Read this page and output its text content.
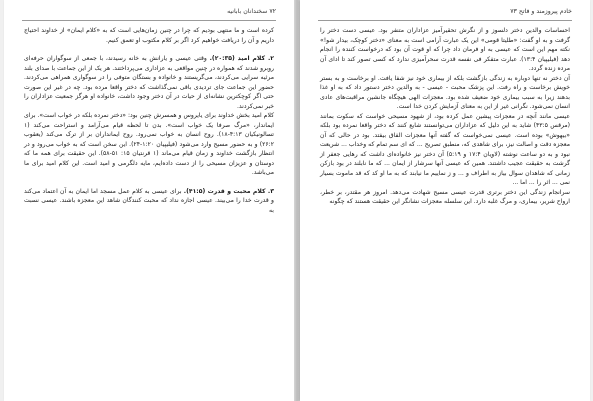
۷۲ سخندانان بابانیه

کرده است و ما منتهی بودیم که چرا در چنین زمان‌هایی است که به «کلام ایمان» از خداوند احتیاج داریم و آن را دریافت خواهیم کرد اگر بر کلام مکتوب او تعمق کنیم.

۲. کلام امید (۲۰:۳۵). وقتی عیسی و یارانش به خانه رسیدند، با جمعی از سوگواران حرفه‌ای روبرو شدند که همواره در چنین مواقعی به عزاداری می‌پرداختند. هر یک از این جماعت با صدای بلند مرثیه سرایی می‌کردند، می‌گریستند و خانواده و بستگان متوفی را در سوگواری همراهی می‌کردند. حضور این جماعت جای تردیدی باقی نمی‌گذاشت که دختر واقعا مرده بود. چه در غیر این صورت حتی اگر کوچکترین نشانه‌ای از حیات در آن دختر وجود داشت، خانواده او هرگز جمعیت عزاداران را خبر نمی‌کردند.

کلام امید بخش خداوند برای یایروس و همسرش چنین بود: «دختر نمرده بلکه در خواب است». برای ایماندار، «مرگ صرفا یک خواب است». بدن تا لحظه قیام می‌آرامد و استراحت می‌کند (۱ تسالونیکیان ۴:۱۳-۱۸). روح انسان به خواب نمی‌رود. روح ایمانداران بر از ترک می‌کند (یعقوب ۲۶:۲) و به حضور مسیح وارد می‌شود (فیلیپیان ۱:۲۰-۲۴). این سخن است که به خواب می‌رود و در انتظار بازگشت خداوند و زمان قیام می‌ماند (۱ قرنتیان ۱۵: ۵۱-۵۸). این حقیقت برای همه ما که دوستان و عزیزان مسیحی را از دست داده‌ایم، مایه دلگرمی و امید است. این کلام امید برای ما می‌باشد.

۳. کلام محبت و قدرت (۴۱:۵). برای عیسی به کلام عمل مسجد اما ایمان به آن اعتماد می‌کند و قدرت خدا را می‌بیند. عیسی اجازه نداد که محبت کنندگان شاهد این معجزه باشند. عیسی نسبت به

خادم پیروزمند و فاتح ۷۳

احساسات والدین دختر دلسوز و از نگرش تحقیرآمیز عزاداران متنفر بود. عیسی دست دختر را گرفت و به او گفت: «طلیتا قومی» این یک عبارت آرامی است به معنای «دختر کوچک، بیدار شو!» نکته مهم این است که عیسی به او فرمان داد چرا که او قوت آن بود که درخواست کننده را انجام دهد (فیلیپیان ۱۳:۴). عبارت متفکر فی نفسه قدرت سحرآمیزی ندارد که کسی تصور کند تا ادای آن مرده زنده گردد.

آن دختر نه تنها دوباره به زندگی بازگشت بلکه از بیماری خود نیز شفا یافت. او برخاست و به بستر خویش برخاست و راه رفت. این پزشک محبت - عیسی - به والدین دختر دستور داد که به او غذا بدهند زیرا به سبب بیماری خود ضعیف شده بود. معجزات الهی هیچگاه جانشین مراقبت‌های عادی انسان نمی‌شود. نگرانی غیر از این به معنای آزمایش کردن خدا است.

عیسی مانند آنچه در معجزات پیشین عمل کرده بود، از شهود مسیحی خواست که سکوت بمانند (مرقس ۴۳:۵) شاید به این دلیل که عزاداران می‌توانستند شایع کنند که دختر واقعا نمرده بود بلکه «بیهوش» بوده است. عیسی نمی‌خواست که گفته آنها معجزات الفاق بیفتد. بود در حالی که آن معجزه دقت و اصالت نیز، برای شاهدی که، منطبق تصریح ... که ای سم تمام که وخداب ... شریعت نبود و به دو ساعت نوشته (لاویان ۱۷:۴ و ۵:۱۹) آن دختر نیز خانواده‌ای داشت که رهایی جعفر از گرشت به حقیقت عجیب داشتند. همین که عیسی آنها سرشار از ایمان ... که ما نابلند در بود بازکن زمانی که شاهدان سوال بیاز به اطراف و ... و ز نماییم ما نیابند که به ما او کد که قد ماموت بسیار نمی ... اثر را ... اما ...

سرانجام زندگی این دختر برتری قدرت عیسی مسیح شهادت می‌دهد. امروز هر مقتدر، بر خطر، ارواح شریر، بیماری، و مرگ غلبه دارد. این سلسله معجزات نشانگر این حقیقت هستند که چگونه
